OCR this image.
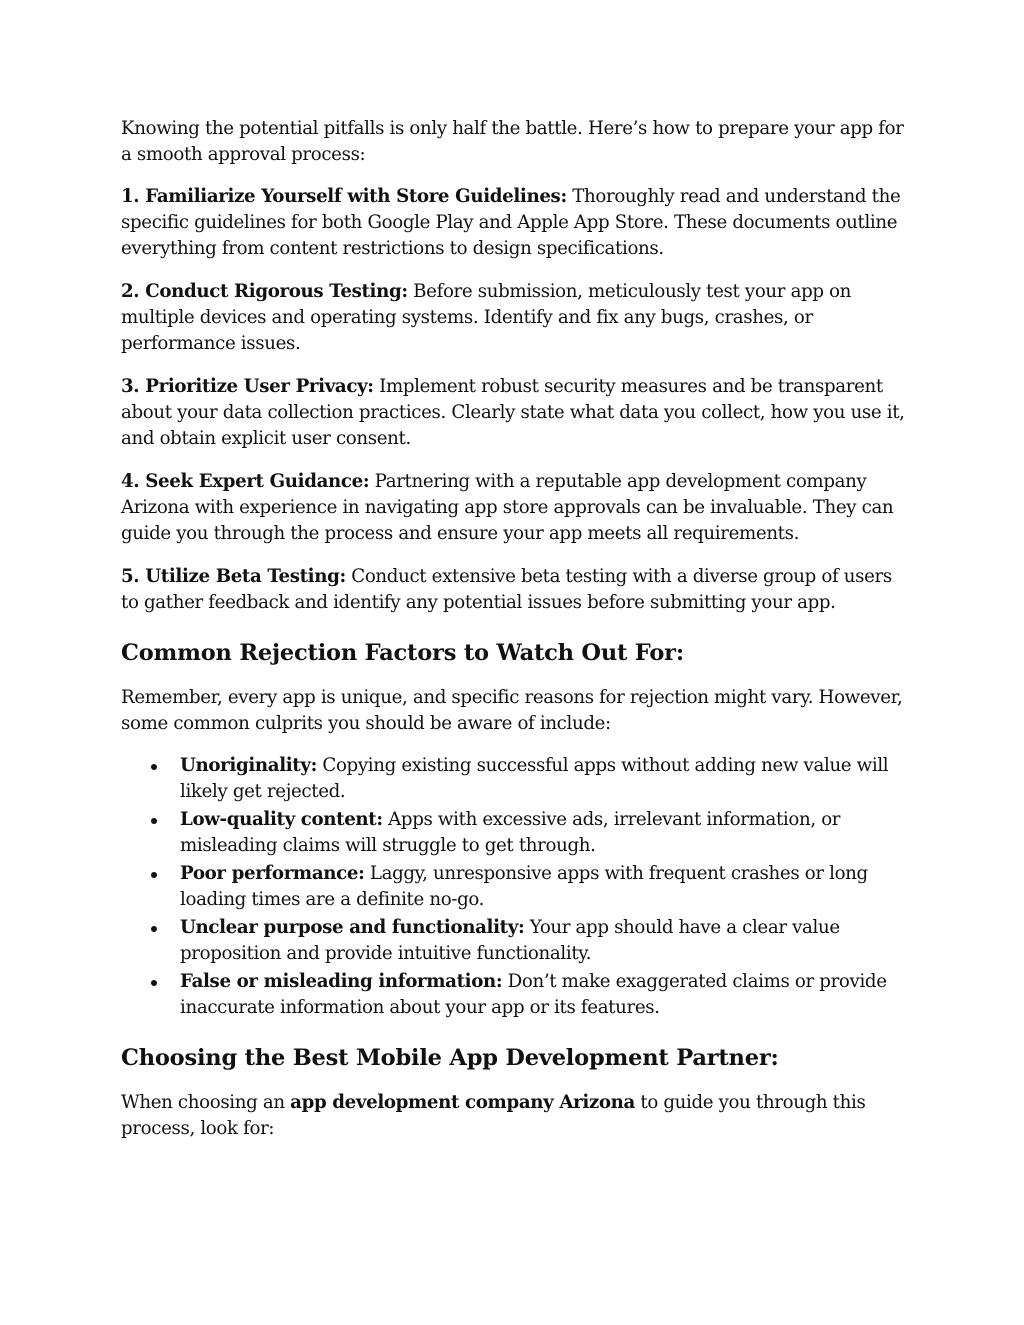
Knowing the potential pitfalls is only half the battle. Here’s how to prepare your app for a smooth approval process:

1. Familiarize Yourself with Store Guidelines: Thoroughly read and understand the specific guidelines for both Google Play and Apple App Store. These documents outline everything from content restrictions to design specifications.

2. Conduct Rigorous Testing: Before submission, meticulously test your app on multiple devices and operating systems. Identify and fix any bugs, crashes, or performance issues.

3. Prioritize User Privacy: Implement robust security measures and be transparent about your data collection practices. Clearly state what data you collect, how you use it, and obtain explicit user consent.

4. Seek Expert Guidance: Partnering with a reputable app development company Arizona with experience in navigating app store approvals can be invaluable. They can guide you through the process and ensure your app meets all requirements.

5. Utilize Beta Testing: Conduct extensive beta testing with a diverse group of users to gather feedback and identify any potential issues before submitting your app.

Common Rejection Factors to Watch Out For:

Remember, every app is unique, and specific reasons for rejection might vary. However, some common culprits you should be aware of include:

Unoriginality: Copying existing successful apps without adding new value will likely get rejected.
Low-quality content: Apps with excessive ads, irrelevant information, or misleading claims will struggle to get through.
Poor performance: Laggy, unresponsive apps with frequent crashes or long loading times are a definite no-go.
Unclear purpose and functionality: Your app should have a clear value proposition and provide intuitive functionality.
False or misleading information: Don’t make exaggerated claims or provide inaccurate information about your app or its features.
Choosing the Best Mobile App Development Partner:

When choosing an app development company Arizona to guide you through this process, look for:
